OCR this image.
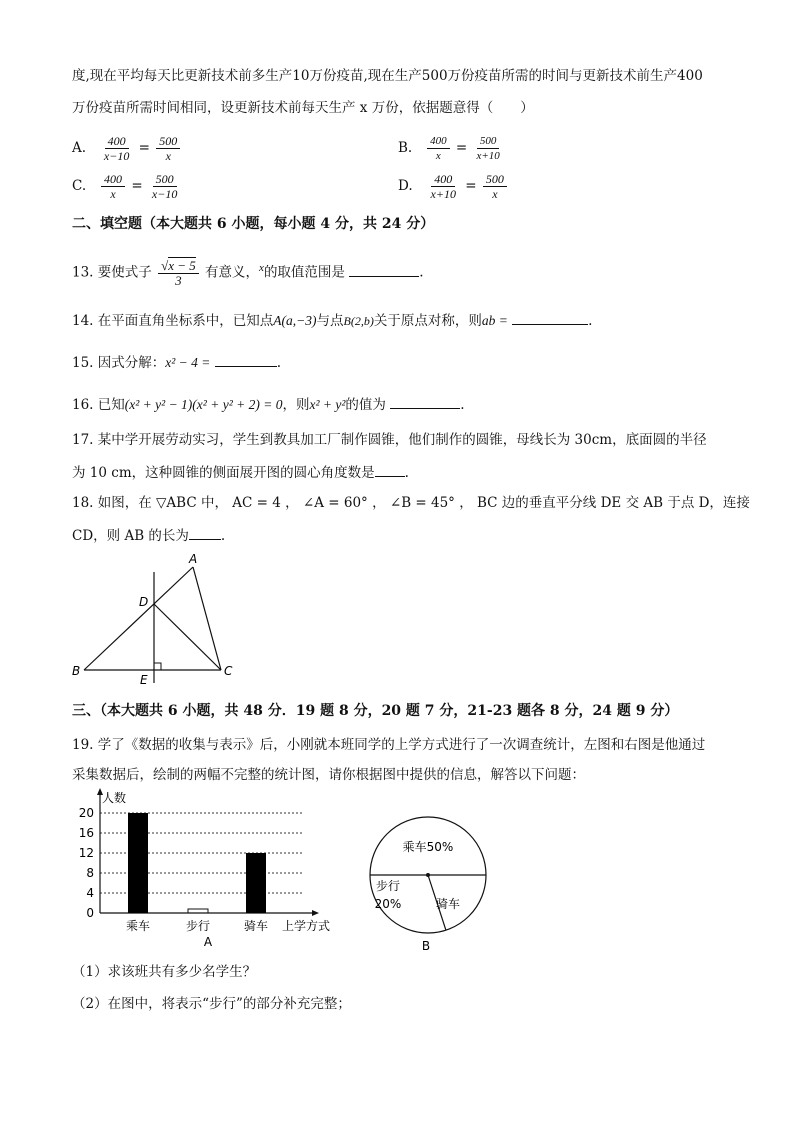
度,现在平均每天比更新技术前多生产10万份疫苗,现在生产500万份疫苗所需的时间与更新技术前生产400
万份疫苗所需时间相同，设更新技术前每天生产 x 万份，依据题意得（　　）
A. $\frac{400}{x-10} = \frac{500}{x}$	B. $\frac{400}{x} = \frac{500}{x+10}$
C. $\frac{400}{x} = \frac{500}{x-10}$	D. $\frac{400}{x+10} = \frac{500}{x}$
二、填空题（本大题共 6 小题，每小题 4 分，共 24 分）
13. 要使式子 $\frac{√x - 5}{3}$ 有意义，$^x$的取值范围是	.
14. 在平面直角坐标系中，已知点A(a,−3)与点B(2,b)关于原点对称，则ab =	.
15. 因式分解：x² − 4 =	.
16. 已知(x² + y² − 1)(x² + y² + 2) = 0，则x² + y²的值为	.
17. 某中学开展劳动实习，学生到教具加工厂制作圆锥，他们制作的圆锥，母线长为 30cm，底面圆的半径
为 10 cm，这种圆锥的侧面展开图的圆心角度数是 .
18. 如图，在 ▽ABC 中， AC = 4 ， ∠A = 60° ， ∠B = 45° ， BC 边的垂直平分线 DE 交 AB 于点 D，连接
CD，则 AB 的长为 .
A
B	C
D
E
三、（本大题共 6 小题，共 48 分．19 题 8 分，20 题 7 分，21-23 题各 8 分，24 题 9 分）
19. 学了《数据的收集与表示》后，小刚就本班同学的上学方式进行了一次调查统计，左图和右图是他通过
采集数据后，绘制的两幅不完整的统计图，请你根据图中提供的信息，解答以下问题：
0
4
8
12
16
20
人数
乘车	步行	骑车 上学方式
A
乘车50%
步行
20%	骑车
B
（1）求该班共有多少名学生？
（2）在图中，将表示“步行”的部分补充完整；
